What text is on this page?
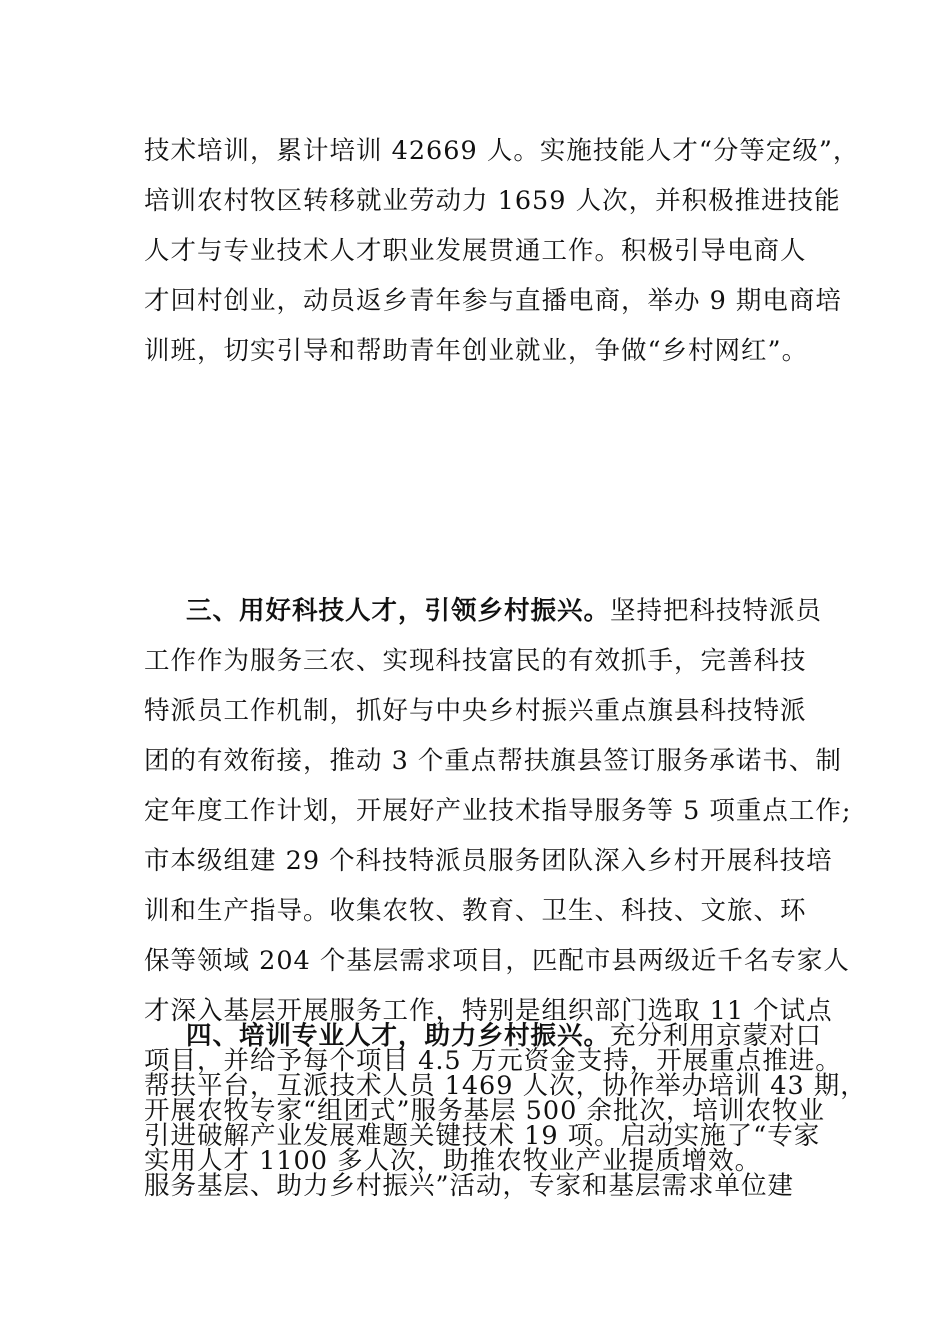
技术培训，累计培训 42669 人。实施技能人才“分等定级”，
培训农村牧区转移就业劳动力 1659 人次，并积极推进技能
人才与专业技术人才职业发展贯通工作。积极引导电商人
才回村创业，动员返乡青年参与直播电商，举办 9 期电商培
训班，切实引导和帮助青年创业就业，争做“乡村网红”。
三、用好科技人才，引领乡村振兴。坚持把科技特派员
工作作为服务三农、实现科技富民的有效抓手，完善科技
特派员工作机制，抓好与中央乡村振兴重点旗县科技特派
团的有效衔接，推动 3 个重点帮扶旗县签订服务承诺书、制
定年度工作计划，开展好产业技术指导服务等 5 项重点工作;
市本级组建 29 个科技特派员服务团队深入乡村开展科技培
训和生产指导。收集农牧、教育、卫生、科技、文旅、环
保等领域 204 个基层需求项目，匹配市县两级近千名专家人
才深入基层开展服务工作，特别是组织部门选取 11 个试点
项目，并给予每个项目 4.5 万元资金支持，开展重点推进。
开展农牧专家“组团式”服务基层 500 余批次，培训农牧业
实用人才 1100 多人次，助推农牧业产业提质增效。
四、培训专业人才，助力乡村振兴。充分利用京蒙对口
帮扶平台，互派技术人员 1469 人次，协作举办培训 43 期，
引进破解产业发展难题关键技术 19 项。启动实施了“专家
服务基层、助力乡村振兴”活动，专家和基层需求单位建
